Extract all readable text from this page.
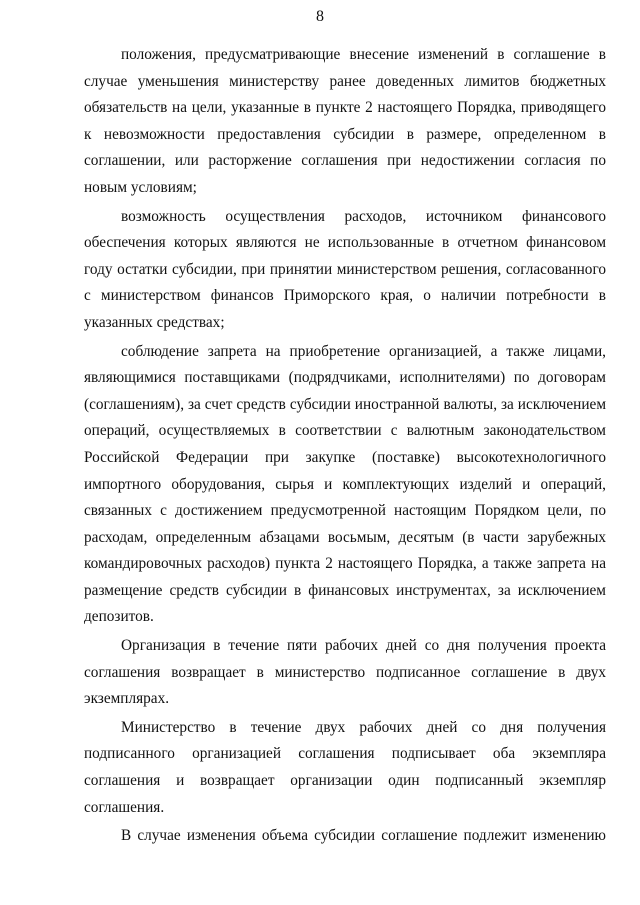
8

положения, предусматривающие внесение изменений в соглашение в
случае уменьшения министерству ранее доведенных лимитов бюджетных
обязательств на цели, указанные в пункте 2 настоящего Порядка, приводящего
к невозможности предоставления субсидии в размере, определенном в
соглашении, или расторжение соглашения при недостижении согласия по
новым условиям;

возможность осуществления расходов, источником финансового
обеспечения которых являются не использованные в отчетном финансовом
году остатки субсидии, при принятии министерством решения, согласованного
с министерством финансов Приморского края, о наличии потребности в
указанных средствах;

соблюдение запрета на приобретение организацией, а также лицами,
являющимися поставщиками (подрядчиками, исполнителями) по договорам
(соглашениям), за счет средств субсидии иностранной валюты, за исключением
операций, осуществляемых в соответствии с валютным законодательством
Российской Федерации при закупке (поставке) высокотехнологичного
импортного оборудования, сырья и комплектующих изделий и операций,
связанных с достижением предусмотренной настоящим Порядком цели, по
расходам, определенным абзацами восьмым, десятым (в части зарубежных
командировочных расходов) пункта 2 настоящего Порядка, а также запрета на
размещение средств субсидии в финансовых инструментах, за исключением
депозитов.

Организация в течение пяти рабочих дней со дня получения проекта
соглашения возвращает в министерство подписанное соглашение в двух
экземплярах.

Министерство в течение двух рабочих дней со дня получения
подписанного организацией соглашения подписывает оба экземпляра
соглашения и возвращает организации один подписанный экземпляр
соглашения.

В случае изменения объема субсидии соглашение подлежит изменению
